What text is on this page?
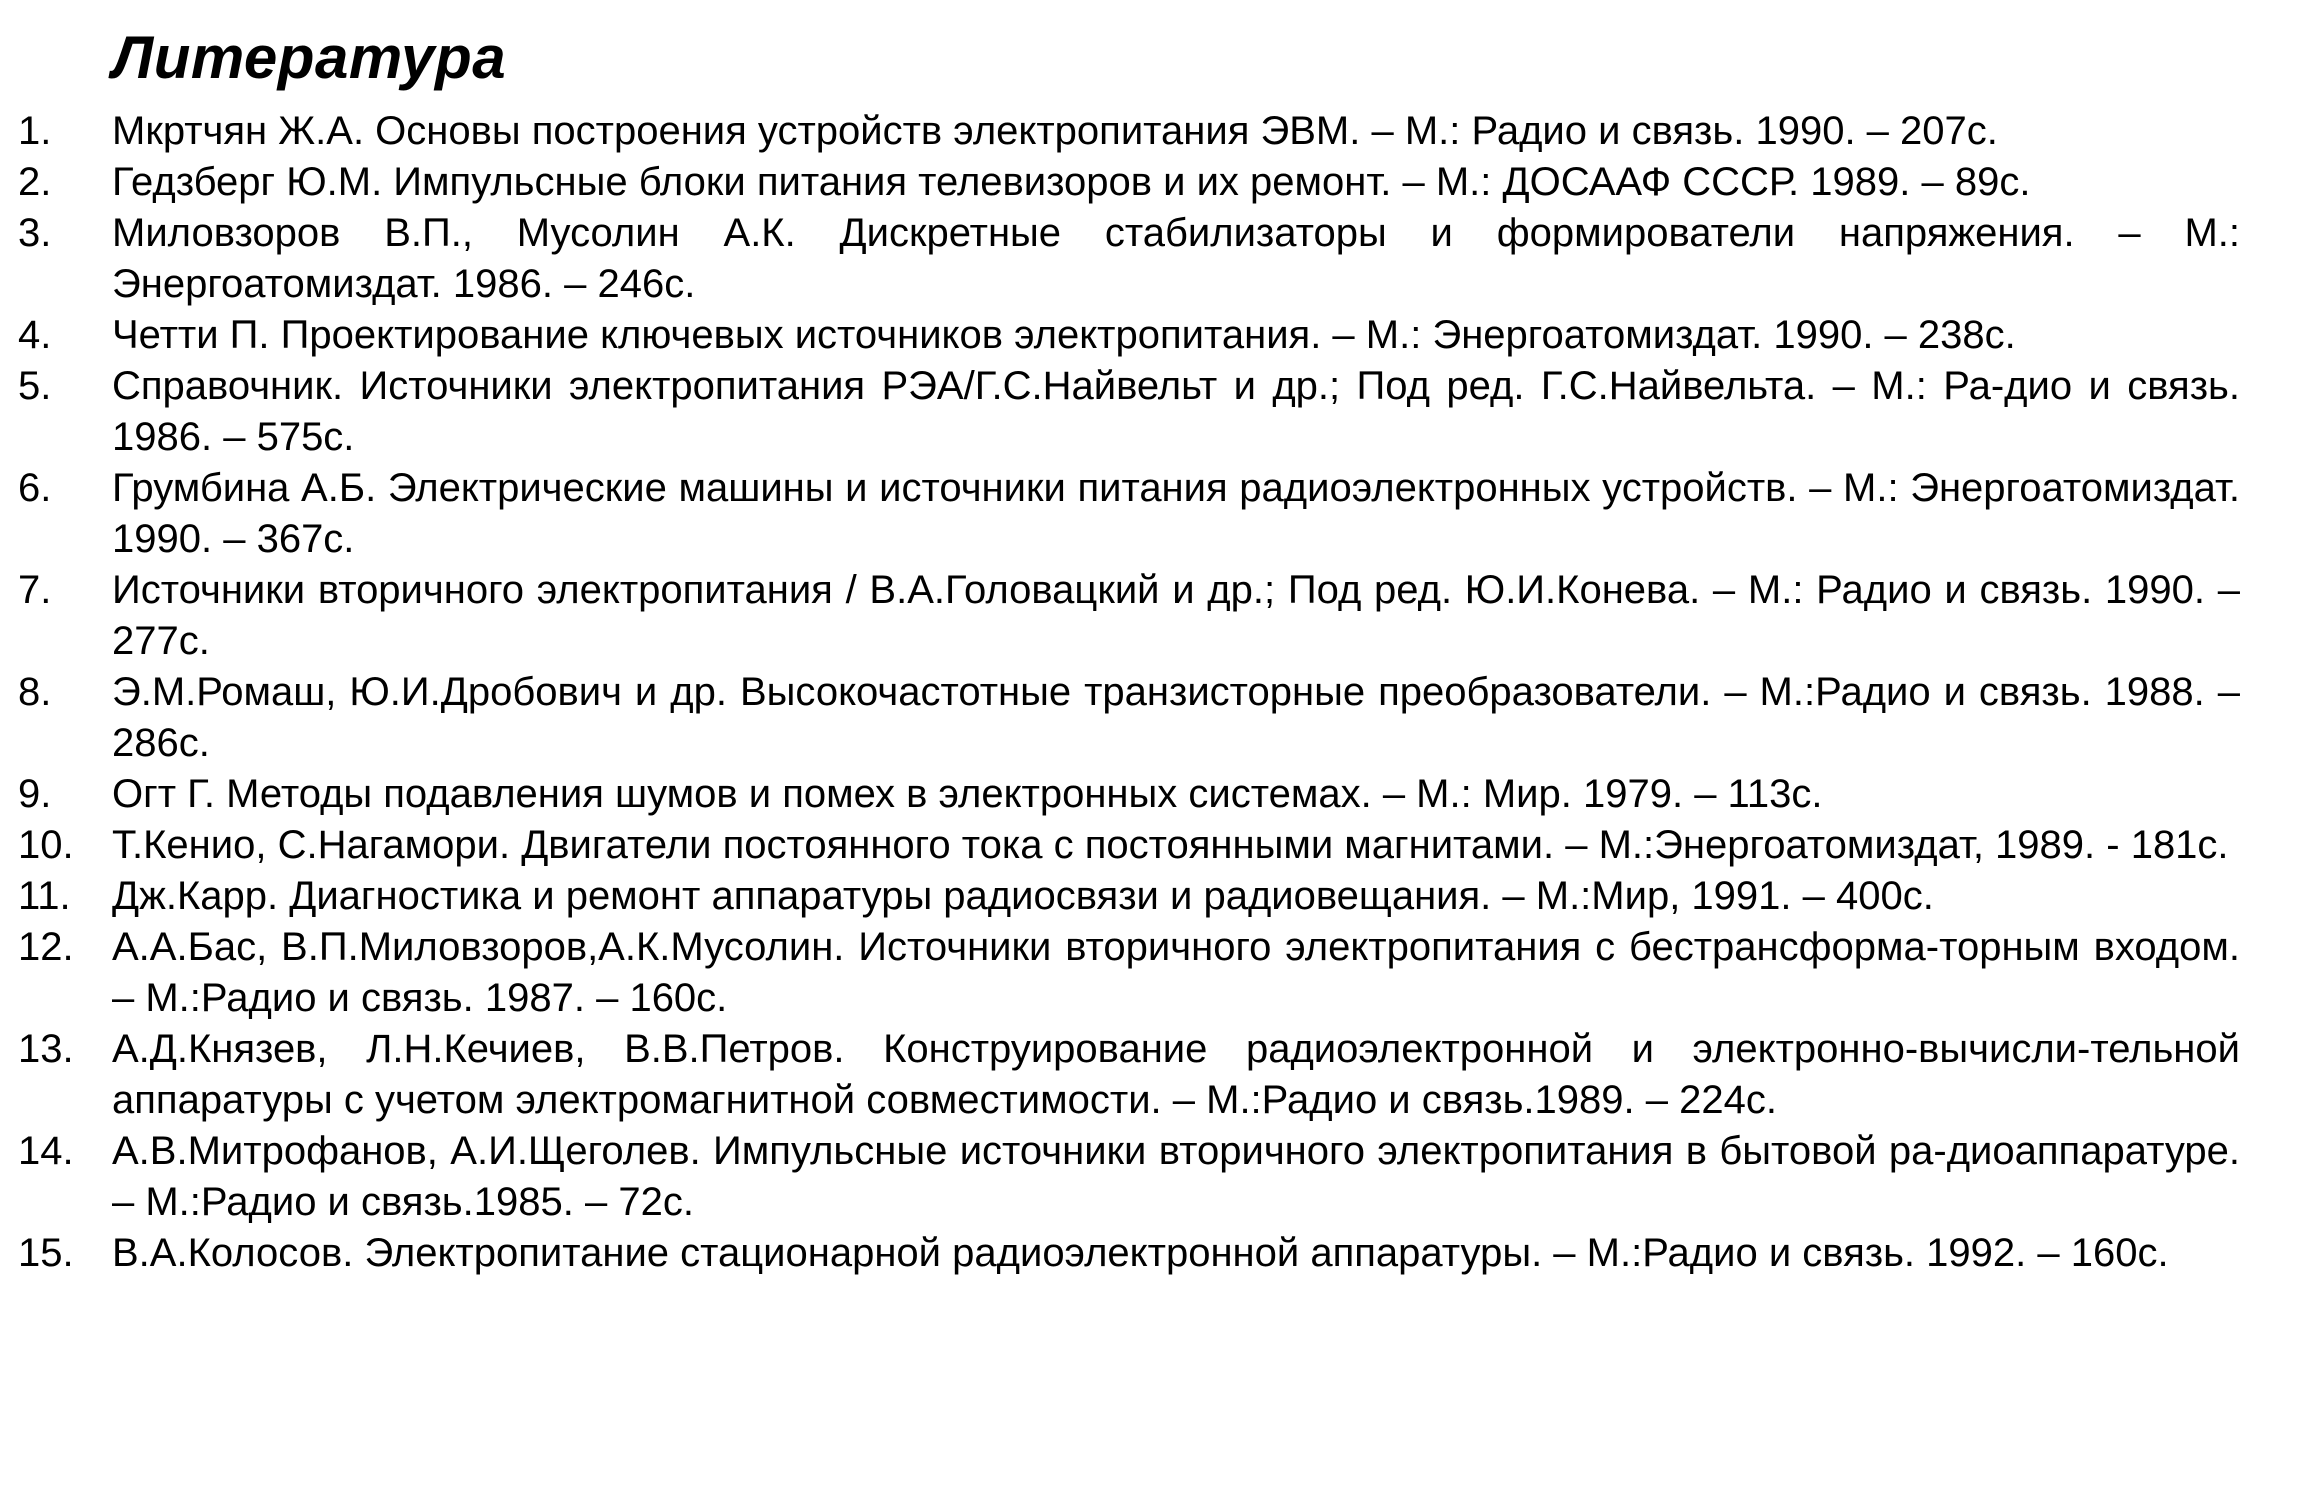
Литература
1. Мкртчян Ж.А. Основы построения устройств электропитания ЭВМ. – М.: Радио и связь. 1990. – 207с.
2. Гедзберг Ю.М. Импульсные блоки питания телевизоров и их ремонт. – М.: ДОСААФ СССР. 1989. – 89с.
3. Миловзоров В.П., Мусолин А.К. Дискретные стабилизаторы и формирователи напряжения. – М.: Энергоатомиздат. 1986. – 246с.
4. Четти П. Проектирование ключевых источников электропитания. – М.: Энергоатомиздат. 1990. – 238с.
5. Справочник. Источники электропитания РЭА/Г.С.Найвельт и др.; Под ред. Г.С.Найвельта. – М.: Ра-дио и связь. 1986. – 575с.
6. Грумбина А.Б. Электрические машины и источники питания радиоэлектронных устройств. – М.: Энергоатомиздат. 1990. – 367с.
7. Источники вторичного электропитания / В.А.Головацкий и др.; Под ред. Ю.И.Конева. – М.: Радио и связь. 1990. – 277с.
8. Э.М.Ромаш, Ю.И.Дробович и др. Высокочастотные транзисторные преобразователи. – М.:Радио и связь. 1988. – 286с.
9. Огт Г. Методы подавления шумов и помех в электронных системах. – М.: Мир. 1979. – 113с.
10. Т.Кенио, С.Нагамори. Двигатели постоянного тока с постоянными магнитами. – М.:Энергоатомиздат, 1989. - 181с.
11. Дж.Карр. Диагностика и ремонт аппаратуры радиосвязи и радиовещания. – М.:Мир, 1991. – 400с.
12. А.А.Бас, В.П.Миловзоров,А.К.Мусолин. Источники вторичного электропитания с бестрансформа-торным входом. – М.:Радио и связь. 1987. – 160с.
13. А.Д.Князев, Л.Н.Кечиев, В.В.Петров. Конструирование радиоэлектронной и электронно-вычисли-тельной аппаратуры с учетом электромагнитной совместимости. – М.:Радио и связь.1989. – 224с.
14. А.В.Митрофанов, А.И.Щеголев. Импульсные источники вторичного электропитания в бытовой ра-диоаппаратуре. – М.:Радио и связь.1985. – 72с.
15. В.А.Колосов. Электропитание стационарной радиоэлектронной аппаратуры. – М.:Радио и связь. 1992. – 160с.
